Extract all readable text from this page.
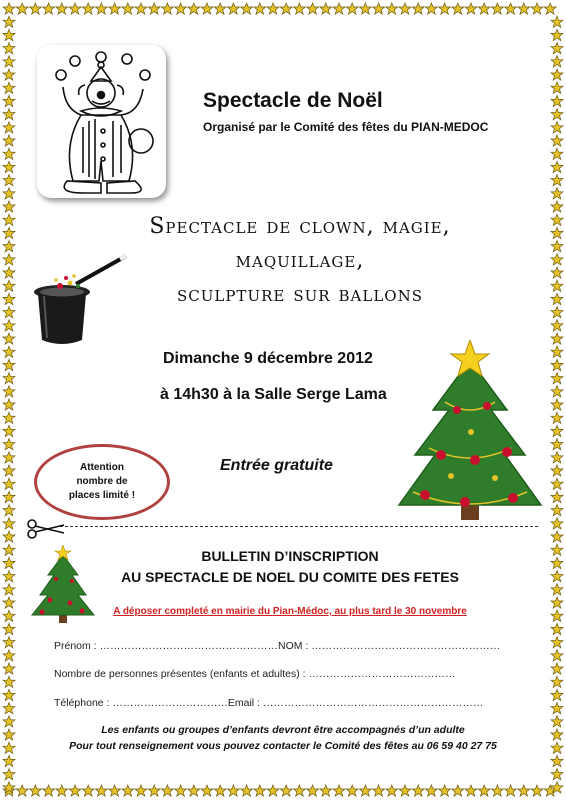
Spectacle de Noël
Organisé par le Comité des fêtes du PIAN-MEDOC
Spectacle de clown, magie,
maquillage,
sculpture sur ballons
Dimanche 9 décembre 2012
à 14h30 à la Salle Serge Lama
Entrée gratuite
Attention nombre de places limité !
BULLETIN D’INSCRIPTION
AU SPECTACLE DE NOEL DU COMITE DES FETES
A déposer completé en mairie du Pian-Médoc, au plus tard le 30 novembre
Prénom : ……………………………………………NOM : ………………………………………………
Nombre de personnes présentes (enfants et adultes) : ……………………………………
Téléphone : ……………………………Email : ………………………………………………………
Les enfants ou groupes d’enfants devront être accompagnés d’un adulte
Pour tout renseignement vous pouvez contacter le Comité des fêtes au 06 59 40 27 75
